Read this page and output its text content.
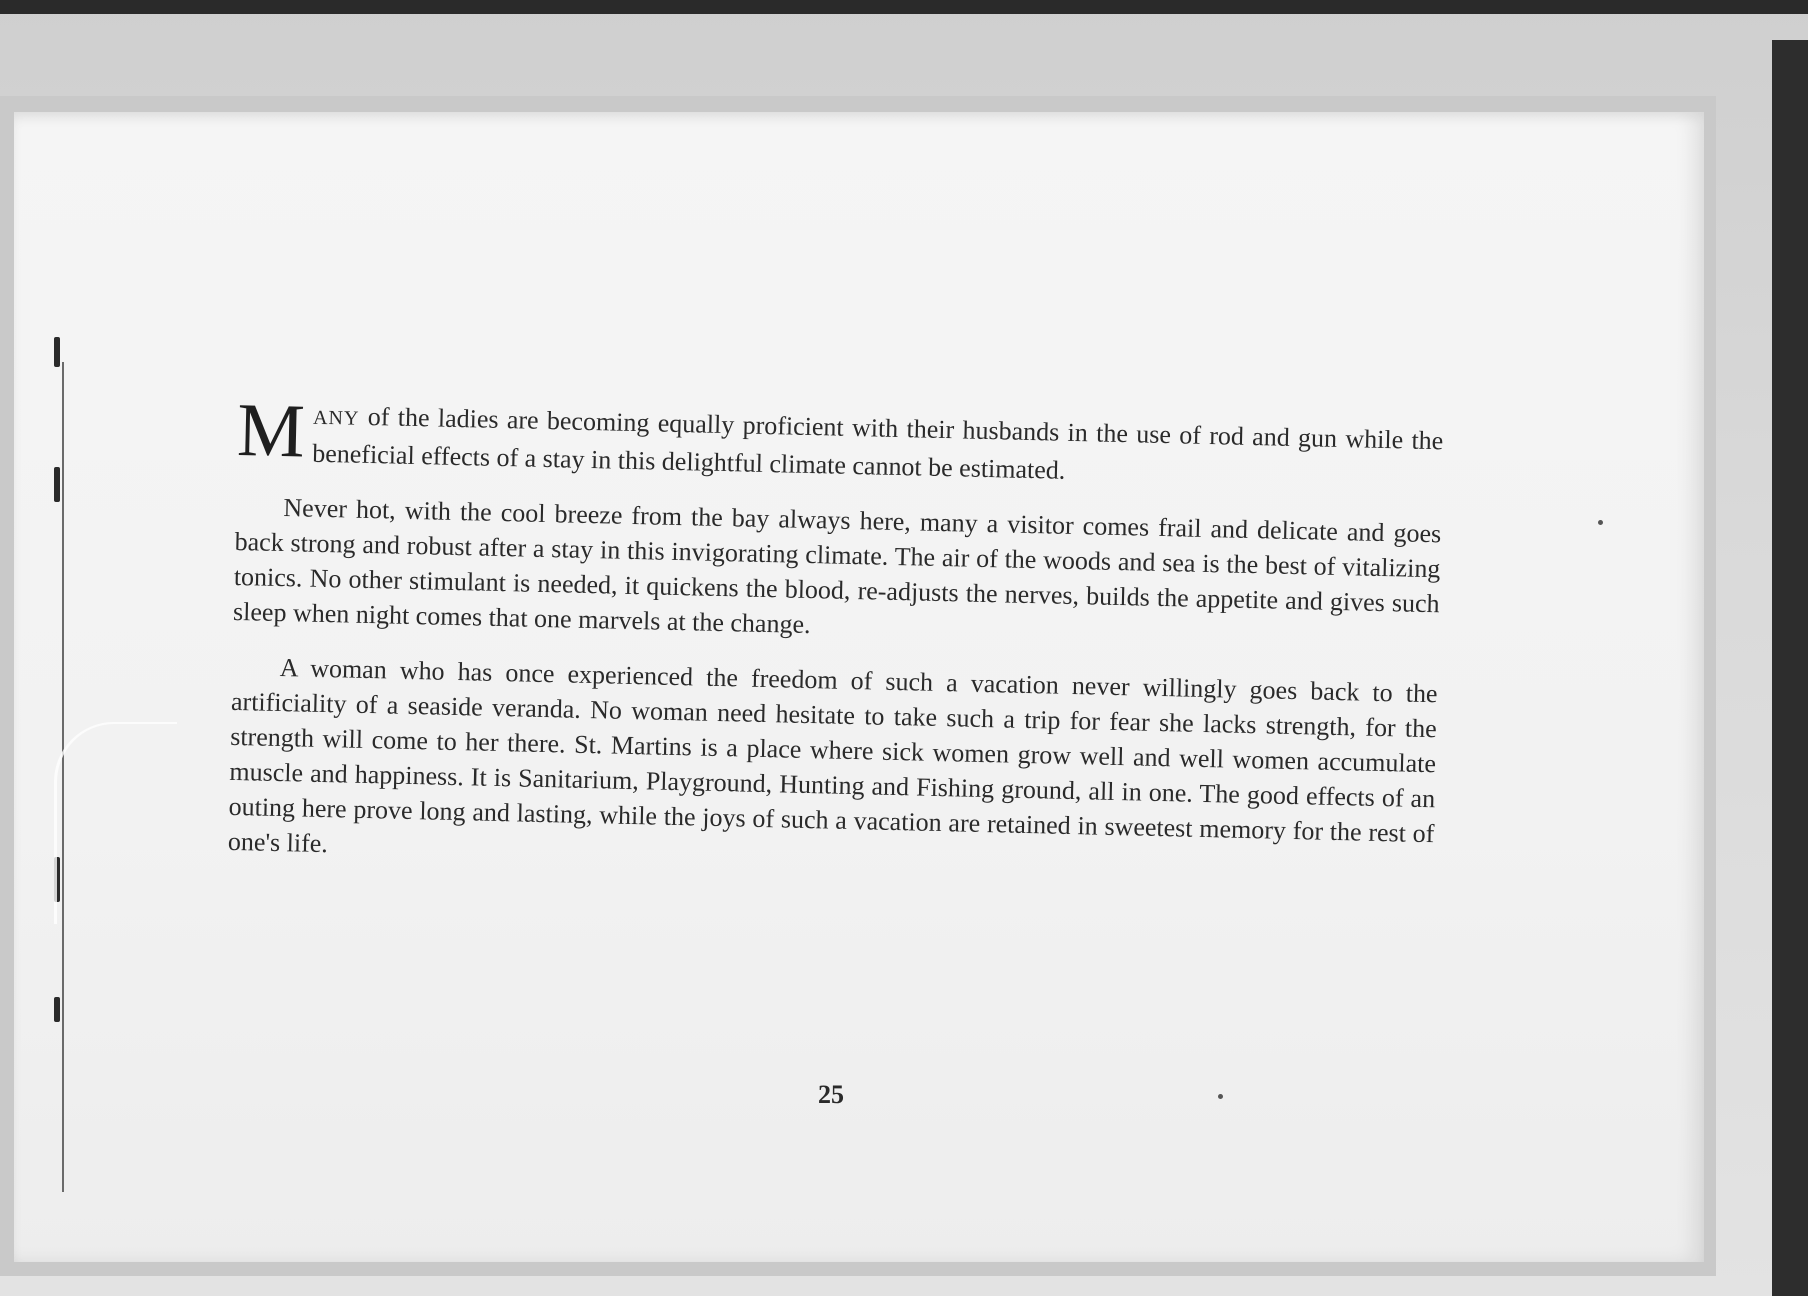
MANY of the ladies are becoming equally proficient with their husbands in the use of rod and gun while the beneficial effects of a stay in this delightful climate cannot be estimated.

Never hot, with the cool breeze from the bay always here, many a visitor comes frail and delicate and goes back strong and robust after a stay in this invigorating climate. The air of the woods and sea is the best of vitalizing tonics. No other stimulant is needed, it quickens the blood, re-adjusts the nerves, builds the appetite and gives such sleep when night comes that one marvels at the change.

A woman who has once experienced the freedom of such a vacation never willingly goes back to the artificiality of a seaside veranda. No woman need hesitate to take such a trip for fear she lacks strength, for the strength will come to her there. St. Martins is a place where sick women grow well and well women accumulate muscle and happiness. It is Sanitarium, Playground, Hunting and Fishing ground, all in one. The good effects of an outing here prove long and lasting, while the joys of such a vacation are retained in sweetest memory for the rest of one's life.

25
